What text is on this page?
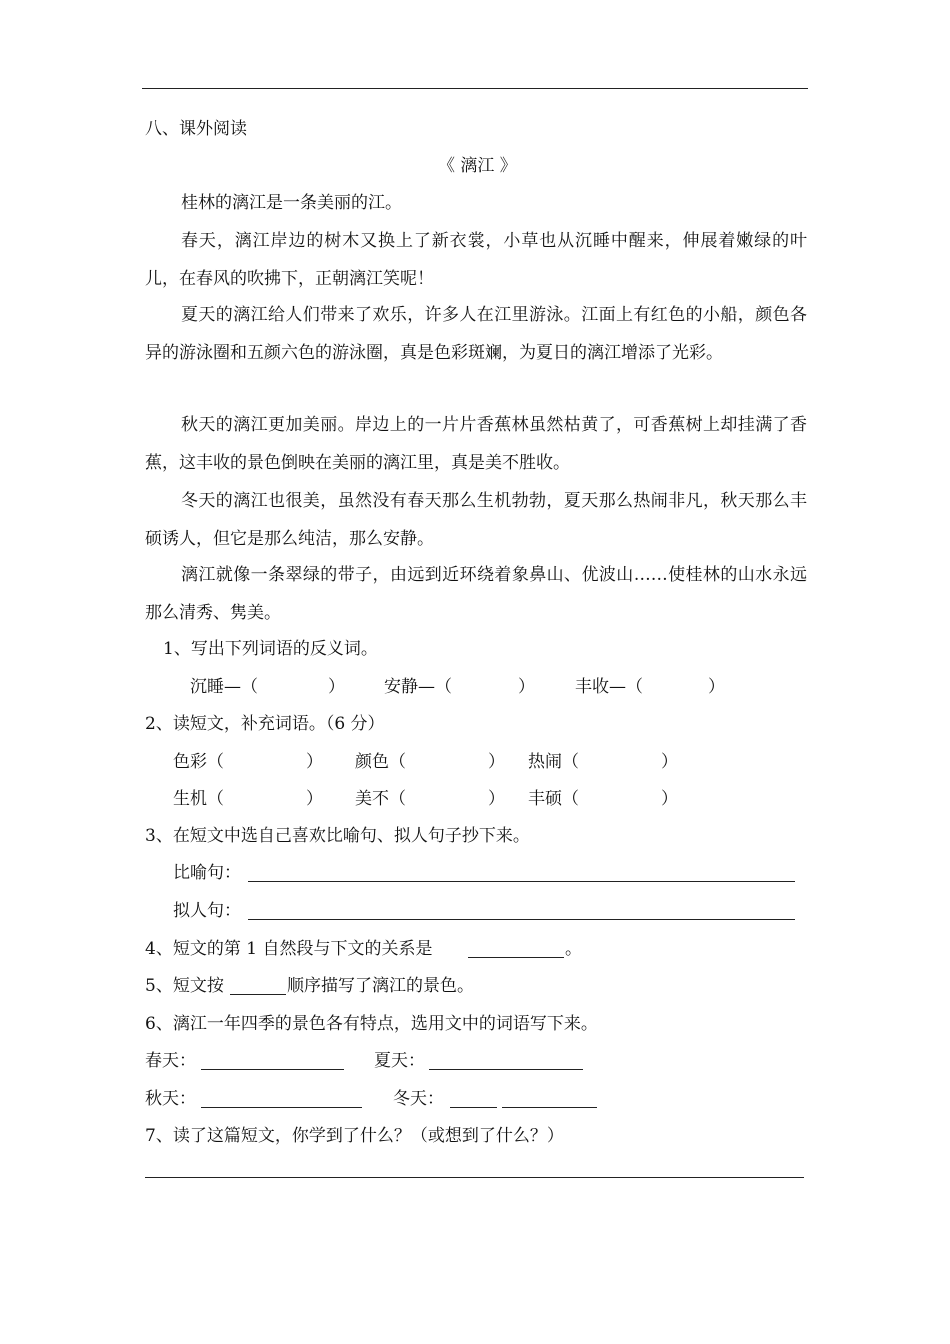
八、课外阅读
《 漓江 》
桂林的漓江是一条美丽的江。
春天，漓江岸边的树木又换上了新衣裳，小草也从沉睡中醒来，伸展着嫩绿的叶儿，在春风的吹拂下，正朝漓江笑呢！
夏天的漓江给人们带来了欢乐，许多人在江里游泳。江面上有红色的小船，颜色各异的游泳圈和五颜六色的游泳圈，真是色彩斑斓，为夏日的漓江增添了光彩。
秋天的漓江更加美丽。岸边上的一片片香蕉林虽然枯黄了，可香蕉树上却挂满了香蕉，这丰收的景色倒映在美丽的漓江里，真是美不胜收。
冬天的漓江也很美，虽然没有春天那么生机勃勃，夏天那么热闹非凡，秋天那么丰硕诱人，但它是那么纯洁，那么安静。
漓江就像一条翠绿的带子，由远到近环绕着象鼻山、优波山……使桂林的山水永远那么清秀、隽美。
1、写出下列词语的反义词。
沉睡—（	） 安静—（	） 丰收—（	）
2、读短文，补充词语。（6 分）
色彩（	） 颜色（	） 热闹（	）
生机（	） 美不（	） 丰硕（	）
3、在短文中选自己喜欢比喻句、拟人句子抄下来。
比喻句：
拟人句：
4、短文的第 1 自然段与下文的关系是	。
5、短文按	顺序描写了漓江的景色。
6、漓江一年四季的景色各有特点，选用文中的词语写下来。
春天：	夏天：
秋天：	冬天：
7、读了这篇短文，你学到了什么？（或想到了什么？）
